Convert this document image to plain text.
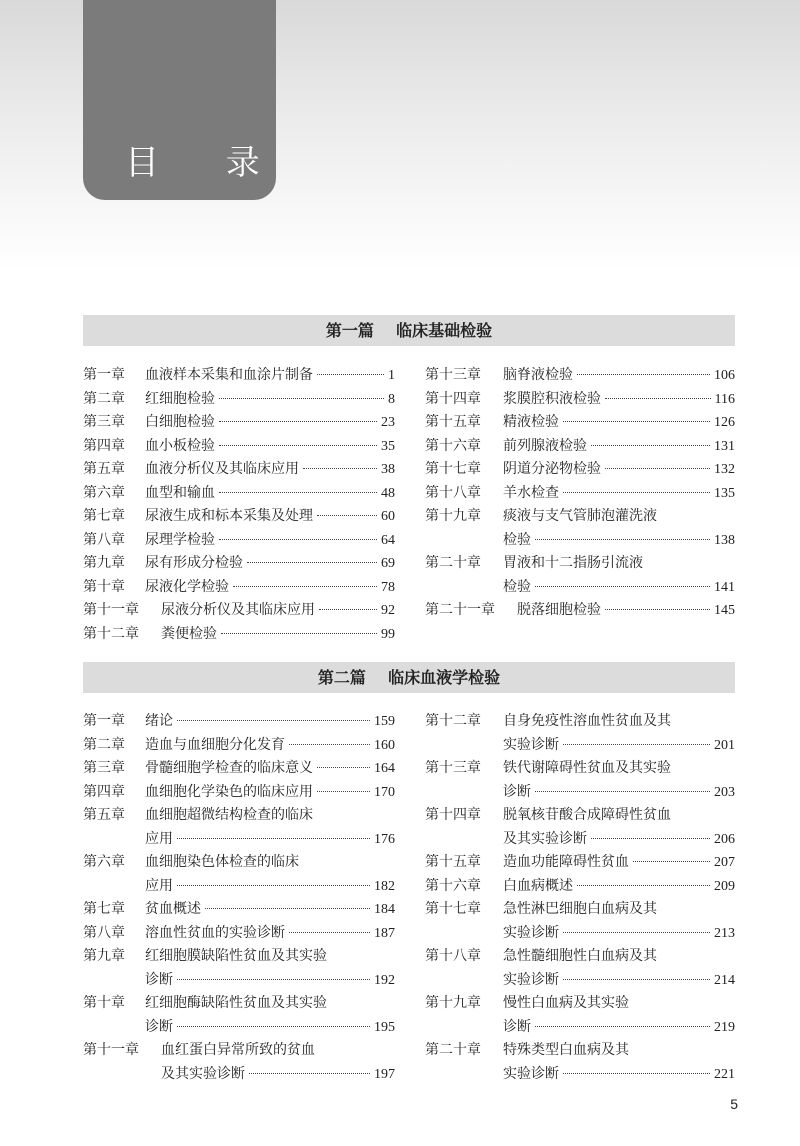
目 录
第一篇    临床基础检验
第一章	血液样本采集和血涂片制备	1
第二章	红细胞检验	8
第三章	白细胞检验	23
第四章	血小板检验	35
第五章	血液分析仪及其临床应用	38
第六章	血型和输血	48
第七章	尿液生成和标本采集及处理	60
第八章	尿理学检验	64
第九章	尿有形成分检验	69
第十章	尿液化学检验	78
第十一章	尿液分析仪及其临床应用	92
第十二章	粪便检验	99
第十三章	脑脊液检验	106
第十四章	浆膜腔积液检验	116
第十五章	精液检验	126
第十六章	前列腺液检验	131
第十七章	阴道分泌物检验	132
第十八章	羊水检查	135
第十九章	痰液与支气管肺泡灌洗液
检验	138
第二十章	胃液和十二指肠引流液
检验	141
第二十一章	脱落细胞检验	145
第二篇    临床血液学检验
第一章	绪论	159
第二章	造血与血细胞分化发育	160
第三章	骨髓细胞学检查的临床意义	164
第四章	血细胞化学染色的临床应用	170
第五章	血细胞超微结构检查的临床
应用	176
第六章	血细胞染色体检查的临床
应用	182
第七章	贫血概述	184
第八章	溶血性贫血的实验诊断	187
第九章	红细胞膜缺陷性贫血及其实验
诊断	192
第十章	红细胞酶缺陷性贫血及其实验
诊断	195
第十一章	血红蛋白异常所致的贫血
及其实验诊断	197
第十二章	自身免疫性溶血性贫血及其
实验诊断	201
第十三章	铁代谢障碍性贫血及其实验
诊断	203
第十四章	脱氧核苷酸合成障碍性贫血
及其实验诊断	206
第十五章	造血功能障碍性贫血	207
第十六章	白血病概述	209
第十七章	急性淋巴细胞白血病及其
实验诊断	213
第十八章	急性髓细胞性白血病及其
实验诊断	214
第十九章	慢性白血病及其实验
诊断	219
第二十章	特殊类型白血病及其
实验诊断	221
5
